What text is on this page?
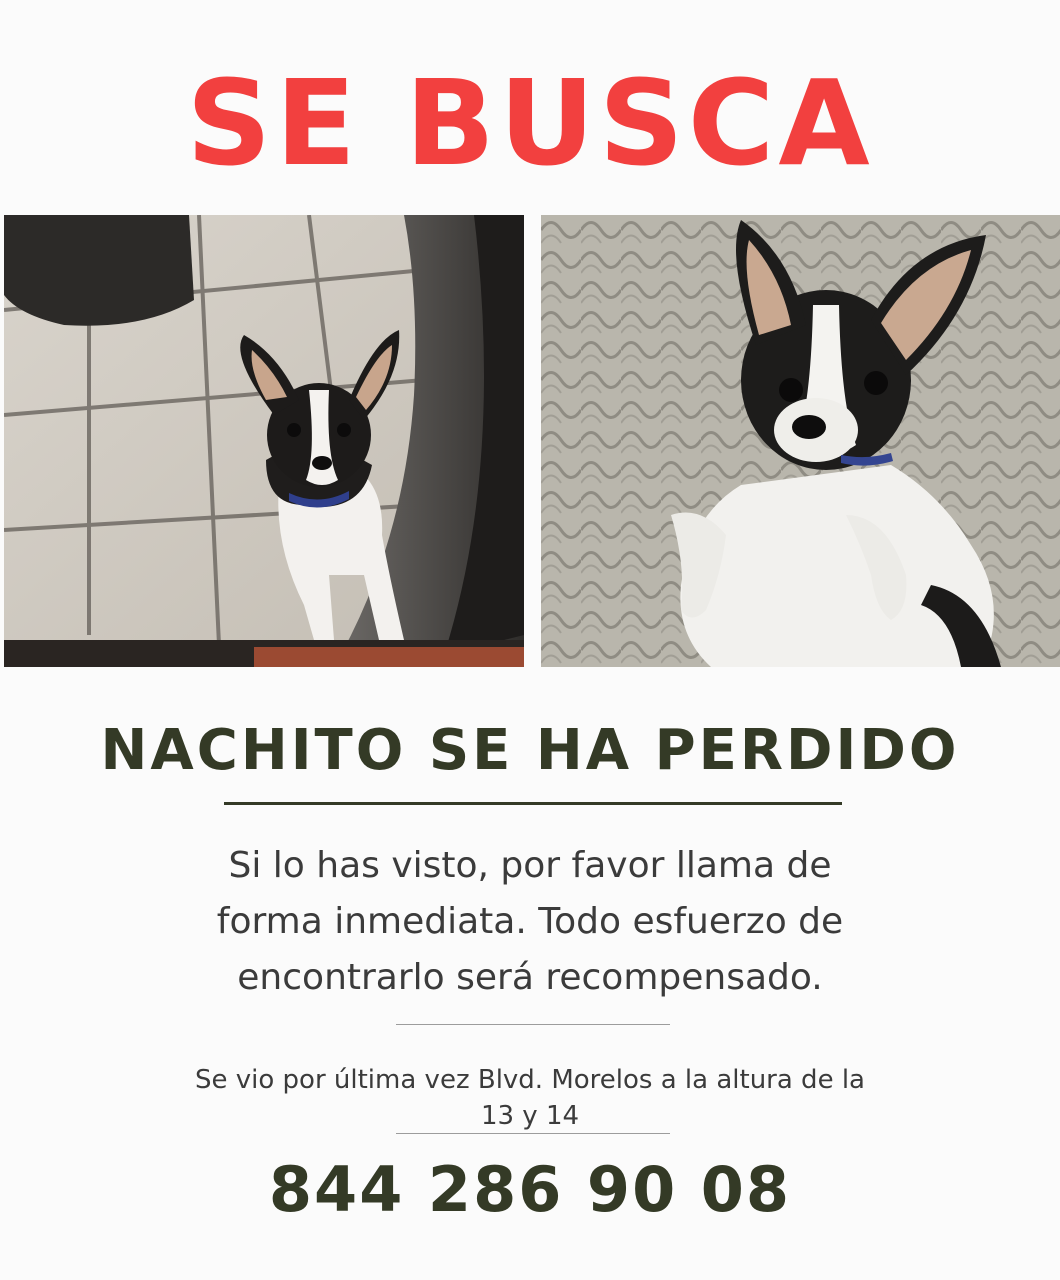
SE BUSCA
NACHITO SE HA PERDIDO
Si lo has visto, por favor llama de
forma inmediata. Todo esfuerzo de
encontrarlo será recompensado.
Se vio por última vez Blvd. Morelos a la altura de la
13 y 14
844 286 90 08
